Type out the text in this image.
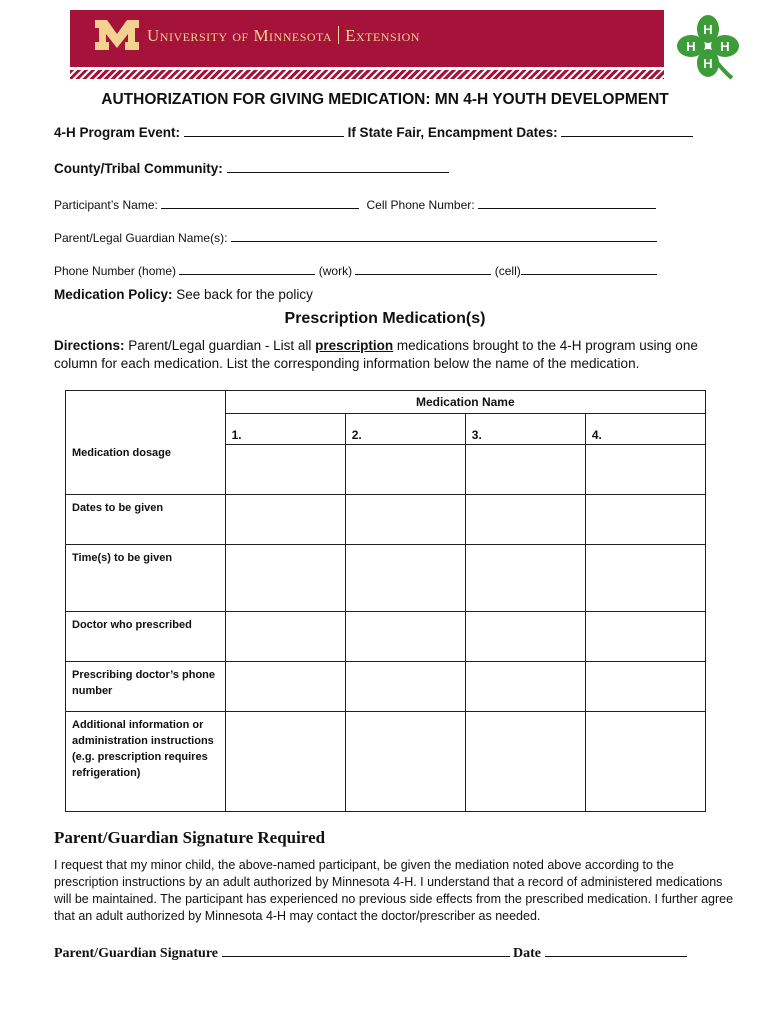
University of Minnesota Extension	H
H
H H
AUTHORIZATION FOR GIVING MEDICATION: MN 4-H YOUTH DEVELOPMENT
4-H Program Event:	If State Fair, Encampment Dates:
County/Tribal Community:
Participant’s Name:	Cell Phone Number:
Parent/Legal Guardian Name(s):
Phone Number (home)	(work)	(cell)
Medication Policy: See back for the policy
Prescription Medication(s)
Directions: Parent/Legal guardian - List all prescription medications brought to the 4-H program using one column for each medication. List the corresponding information below the name of the medication.
	Medication Name			
	1.	2.	3.	4.
Medication dosage				
Dates to be given				
Time(s) to be given				
Doctor who prescribed				
Prescribing doctor’s phone number				
Additional information or administration instructions (e.g. prescription requires refrigeration)				
Parent/Guardian Signature Required
I request that my minor child, the above-named participant, be given the mediation noted above according to the prescription instructions by an adult authorized by Minnesota 4-H. I understand that a record of administered medications will be maintained. The participant has experienced no previous side effects from the prescribed medication. I further agree that an adult authorized by Minnesota 4-H may contact the doctor/prescriber as needed.
Parent/Guardian Signature	Date
